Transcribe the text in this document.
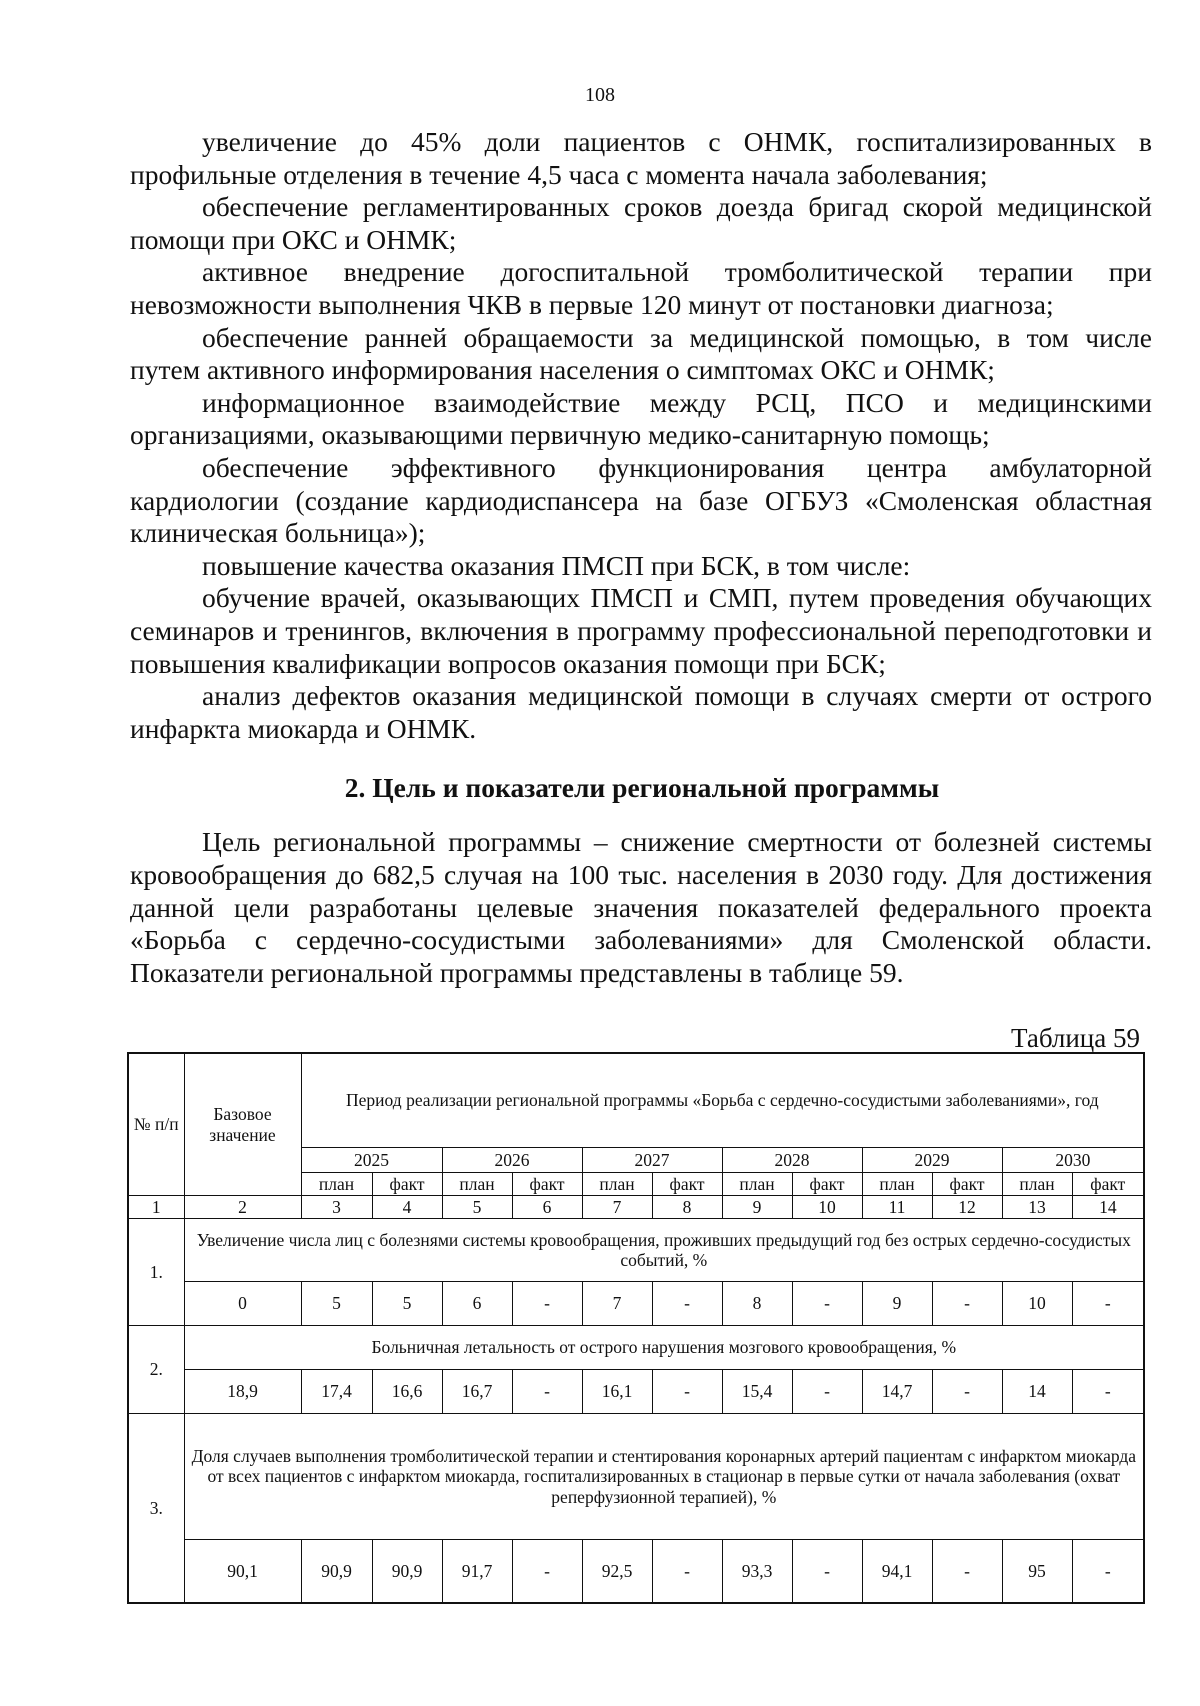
108

увеличение до 45% доли пациентов с ОНМК, госпитализированных в профильные отделения в течение 4,5 часа с момента начала заболевания;

обеспечение регламентированных сроков доезда бригад скорой медицинской помощи при ОКС и ОНМК;

активное внедрение догоспитальной тромболитической терапии при невозможности выполнения ЧКВ в первые 120 минут от постановки диагноза;

обеспечение ранней обращаемости за медицинской помощью, в том числе путем активного информирования населения о симптомах ОКС и ОНМК;

информационное взаимодействие между РСЦ, ПСО и медицинскими организациями, оказывающими первичную медико-санитарную помощь;

обеспечение эффективного функционирования центра амбулаторной кардиологии (создание кардиодиспансера на базе ОГБУЗ «Смоленская областная клиническая больница»);

повышение качества оказания ПМСП при БСК, в том числе:

обучение врачей, оказывающих ПМСП и СМП, путем проведения обучающих семинаров и тренингов, включения в программу профессиональной переподготовки и повышения квалификации вопросов оказания помощи при БСК;

анализ дефектов оказания медицинской помощи в случаях смерти от острого инфаркта миокарда и ОНМК.

2. Цель и показатели региональной программы

Цель региональной программы – снижение смертности от болезней системы кровообращения до 682,5 случая на 100 тыс. населения в 2030 году. Для достижения данной цели разработаны целевые значения показателей федерального проекта «Борьба с сердечно-сосудистыми заболеваниями» для Смоленской области. Показатели региональной программы представлены в таблице 59.

Таблица 59
№ п/п	Базовое значение	Период реализации региональной программы «Борьба с сердечно-сосудистыми заболеваниями», год											
		2025		2026		2027		2028		2029		2030	
		план	факт	план	факт	план	факт	план	факт	план	факт	план	факт
1	2	3	4	5	6	7	8	9	10	11	12	13	14
1.	Увеличение числа лиц с болезнями системы кровообращения, проживших предыдущий год без острых сердечно-сосудистых событий, %												
	0	5	5	6	-	7	-	8	-	9	-	10	-
2.	Больничная летальность от острого нарушения мозгового кровообращения, %												
	18,9	17,4	16,6	16,7	-	16,1	-	15,4	-	14,7	-	14	-
3.	Доля случаев выполнения тромболитической терапии и стентирования коронарных артерий пациентам с инфарктом миокарда от всех пациентов с инфарктом миокарда, госпитализированных в стационар в первые сутки от начала заболевания (охват реперфузионной терапией), %												
	90,1	90,9	90,9	91,7	-	92,5	-	93,3	-	94,1	-	95	-
